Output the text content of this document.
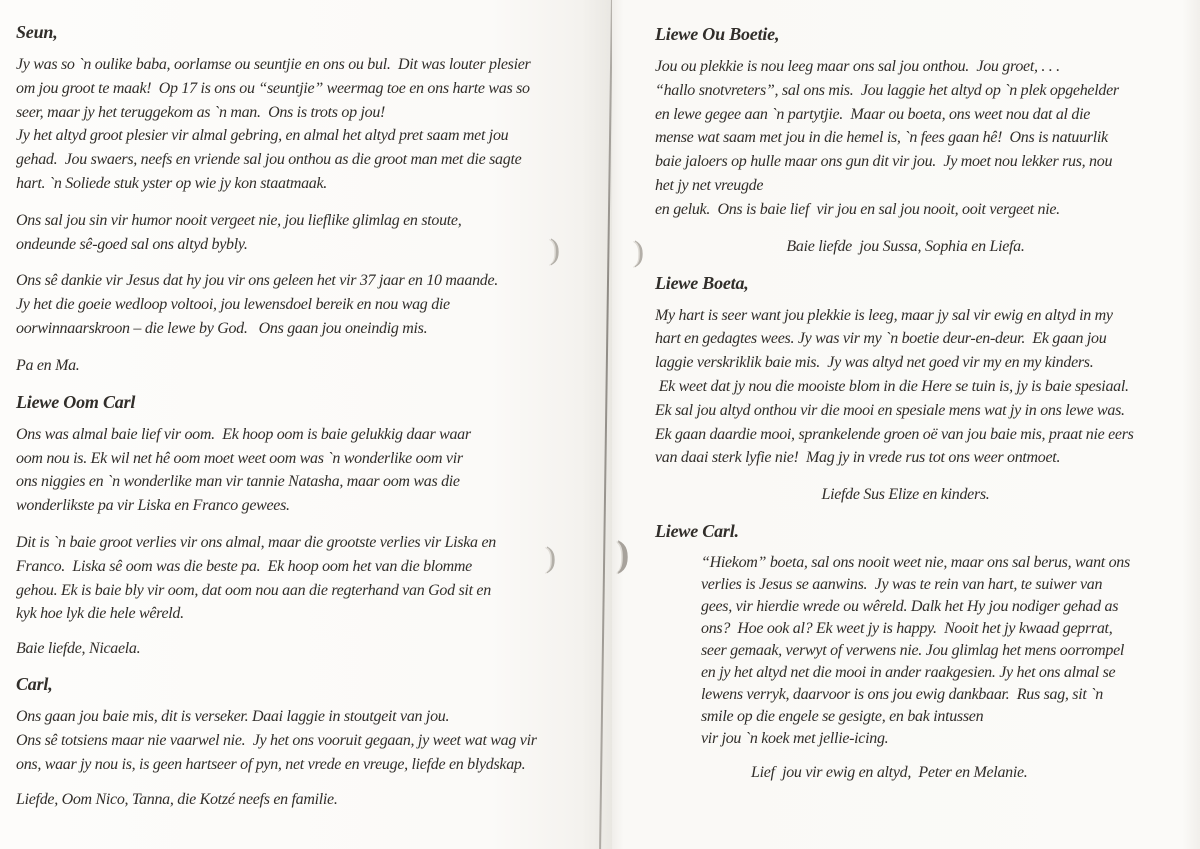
Seun,
Jy was so `n oulike baba, oorlamse ou seuntjie en ons ou bul.  Dit was louter plesier
om jou groot te maak!  Op 17 is ons ou “seuntjie” weermag toe en ons harte was so
seer, maar jy het teruggekom as `n man.  Ons is trots op jou!
Jy het altyd groot plesier vir almal gebring, en almal het altyd pret saam met jou
gehad.  Jou swaers, neefs en vriende sal jou onthou as die groot man met die sagte
hart. `n Soliede stuk yster op wie jy kon staatmaak.
Ons sal jou sin vir humor nooit vergeet nie, jou lieflike glimlag en stoute,
ondeunde sê-goed sal ons altyd bybly.
Ons sê dankie vir Jesus dat hy jou vir ons geleen het vir 37 jaar en 10 maande.
Jy het die goeie wedloop voltooi, jou lewensdoel bereik en nou wag die
oorwinnaarskroon – die lewe by God.   Ons gaan jou oneindig mis.
Pa en Ma.
Liewe Oom Carl
Ons was almal baie lief vir oom.  Ek hoop oom is baie gelukkig daar waar
oom nou is. Ek wil net hê oom moet weet oom was `n wonderlike oom vir
ons niggies en `n wonderlike man vir tannie Natasha, maar oom was die
wonderlikste pa vir Liska en Franco gewees.
Dit is `n baie groot verlies vir ons almal, maar die grootste verlies vir Liska en
Franco.  Liska sê oom was die beste pa.  Ek hoop oom het van die blomme
gehou. Ek is baie bly vir oom, dat oom nou aan die regterhand van God sit en
kyk hoe lyk die hele wêreld.
Baie liefde, Nicaela.
Carl,
Ons gaan jou baie mis, dit is verseker. Daai laggie in stoutgeit van jou.
Ons sê totsiens maar nie vaarwel nie.  Jy het ons vooruit gegaan, jy weet wat wag vir
ons, waar jy nou is, is geen hartseer of pyn, net vrede en vreuge, liefde en blydskap.
Liefde, Oom Nico, Tanna, die Kotzé neefs en familie.
Liewe Ou Boetie,
Jou ou plekkie is nou leeg maar ons sal jou onthou.  Jou groet, . . .
“hallo snotvreters”, sal ons mis.  Jou laggie het altyd op `n plek opgehelder
en lewe gegee aan `n partytjie.  Maar ou boeta, ons weet nou dat al die
mense wat saam met jou in die hemel is, `n fees gaan hê!  Ons is natuurlik
baie jaloers op hulle maar ons gun dit vir jou.  Jy moet nou lekker rus, nou
het jy net vreugde
en geluk.  Ons is baie lief  vir jou en sal jou nooit, ooit vergeet nie.
Baie liefde  jou Sussa, Sophia en Liefa.
Liewe Boeta,
My hart is seer want jou plekkie is leeg, maar jy sal vir ewig en altyd in my
hart en gedagtes wees. Jy was vir my `n boetie deur-en-deur.  Ek gaan jou
laggie verskriklik baie mis.  Jy was altyd net goed vir my en my kinders.
Ek weet dat jy nou die mooiste blom in die Here se tuin is, jy is baie spesiaal.
Ek sal jou altyd onthou vir die mooi en spesiale mens wat jy in ons lewe was.
Ek gaan daardie mooi, sprankelende groen oë van jou baie mis, praat nie eers
van daai sterk lyfie nie!  Mag jy in vrede rus tot ons weer ontmoet.
Liefde Sus Elize en kinders.
Liewe Carl.
“Hiekom” boeta, sal ons nooit weet nie, maar ons sal berus, want ons
verlies is Jesus se aanwins.  Jy was te rein van hart, te suiwer van
gees, vir hierdie wrede ou wêreld. Dalk het Hy jou nodiger gehad as
ons?  Hoe ook al? Ek weet jy is happy.  Nooit het jy kwaad geprrat,
seer gemaak, verwyt of verwens nie. Jou glimlag het mens oorrompel
en jy het altyd net die mooi in ander raakgesien. Jy het ons almal se
lewens verryk, daarvoor is ons jou ewig dankbaar.  Rus sag, sit `n
smile op die engele se gesigte, en bak intussen
vir jou `n koek met jellie-icing.
Lief  jou vir ewig en altyd,  Peter en Melanie.
) )
) )
